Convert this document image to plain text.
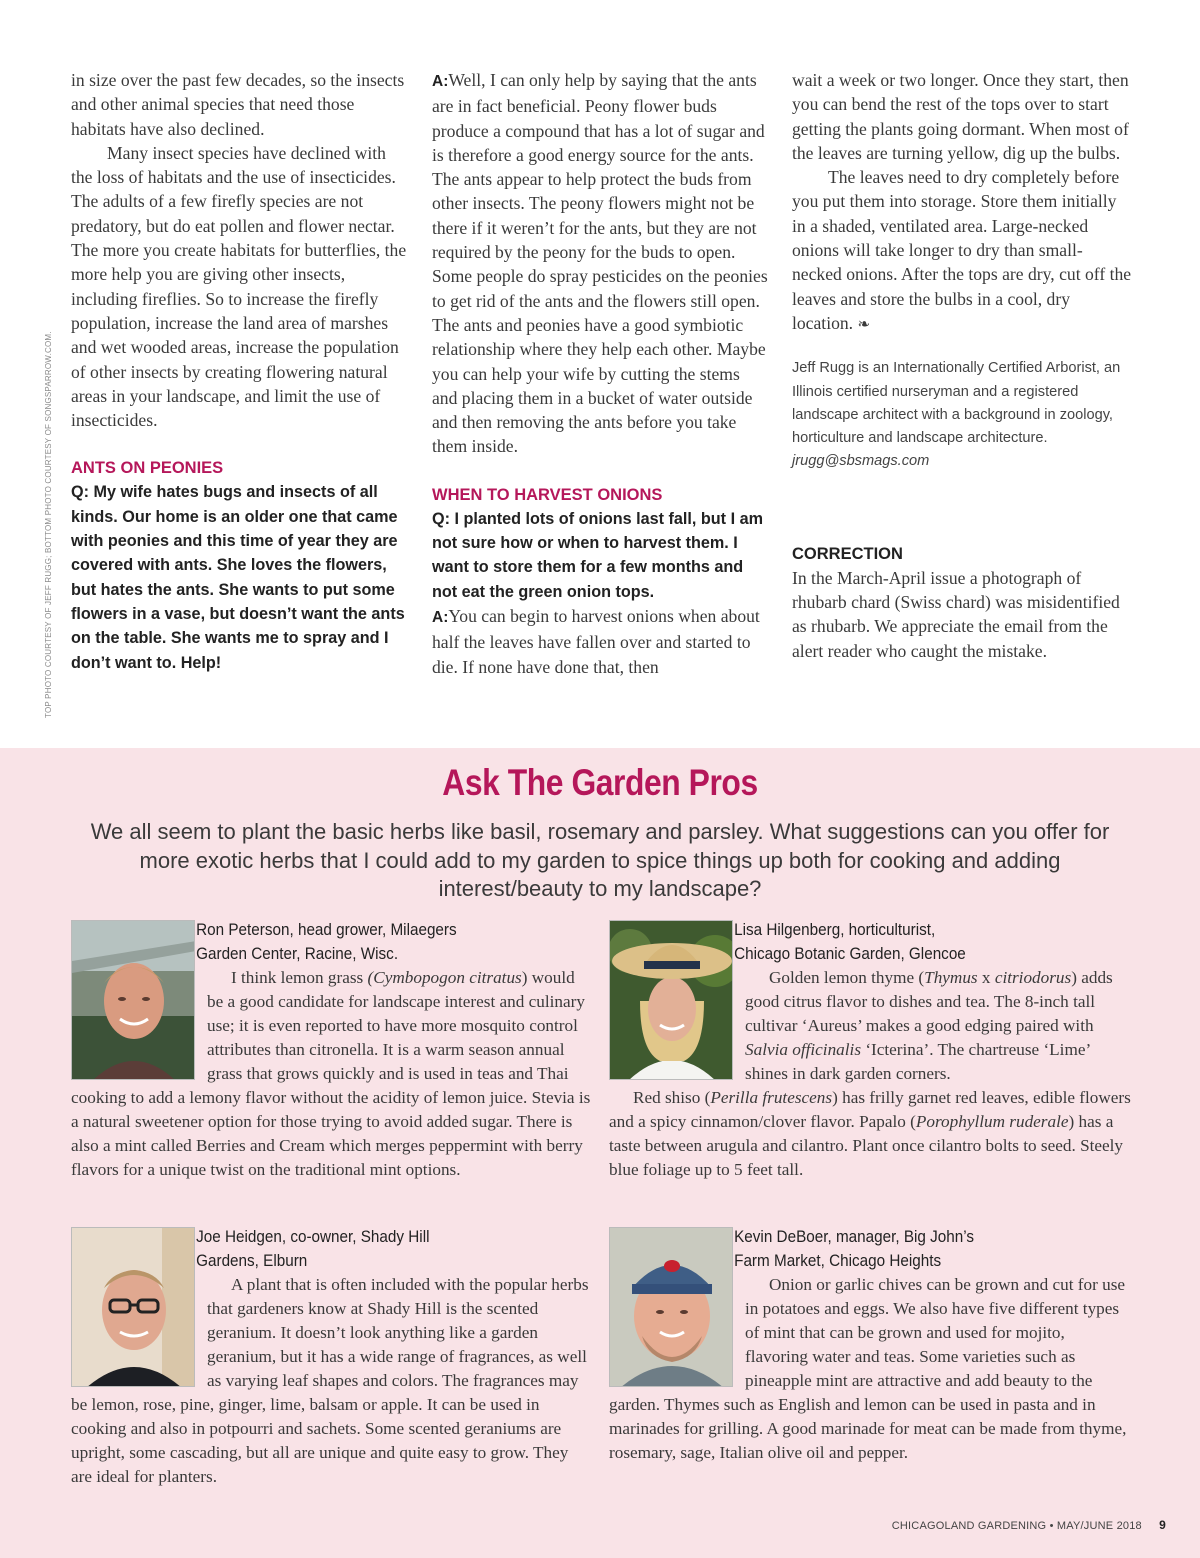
TOP PHOTO COURTESY OF JEFF RUGG; BOTTOM PHOTO COURTESY OF SONGSPARROW.COM.

in size over the past few decades, so the insects and other animal species that need those habitats have also declined.

Many insect species have declined with the loss of habitats and the use of insecticides. The adults of a few firefly species are not predatory, but do eat pollen and flower nectar. The more you create habitats for butterflies, the more help you are giving other insects, including fireflies. So to increase the firefly population, increase the land area of marshes and wet wooded areas, increase the population of other insects by creating flowering natural areas in your landscape, and limit the use of insecticides.

ANTS ON PEONIES

Q: My wife hates bugs and insects of all kinds. Our home is an older one that came with peonies and this time of year they are covered with ants. She loves the flowers, but hates the ants. She wants to put some flowers in a vase, but doesn’t want the ants on the table. She wants me to spray and I don’t want to. Help!

A:Well, I can only help by saying that the ants are in fact beneficial. Peony flower buds produce a compound that has a lot of sugar and is therefore a good energy source for the ants. The ants appear to help protect the buds from other insects. The peony flowers might not be there if it weren’t for the ants, but they are not required by the peony for the buds to open. Some people do spray pesticides on the peonies to get rid of the ants and the flowers still open. The ants and peonies have a good symbiotic relationship where they help each other. Maybe you can help your wife by cutting the stems and placing them in a bucket of water outside and then removing the ants before you take them inside.

WHEN TO HARVEST ONIONS

Q: I planted lots of onions last fall, but I am not sure how or when to harvest them. I want to store them for a few months and not eat the green onion tops.

A:You can begin to harvest onions when about half the leaves have fallen over and started to die. If none have done that, then

wait a week or two longer. Once they start, then you can bend the rest of the tops over to start getting the plants going dormant. When most of the leaves are turning yellow, dig up the bulbs.

The leaves need to dry completely before you put them into storage. Store them initially in a shaded, ventilated area. Large-necked onions will take longer to dry than small-necked onions. After the tops are dry, cut off the leaves and store the bulbs in a cool, dry location. ❧

Jeff Rugg is an Internationally Certified Arborist, an Illinois certified nurseryman and a registered landscape architect with a background in zoology, horticulture and landscape architecture. jrugg@sbsmags.com

CORRECTION

In the March-April issue a photograph of rhubarb chard (Swiss chard) was misidentified as rhubarb. We appreciate the email from the alert reader who caught the mistake.

Ask The Garden Pros
We all seem to plant the basic herbs like basil, rosemary and parsley. What suggestions can you offer for more exotic herbs that I could add to my garden to spice things up both for cooking and adding interest/beauty to my landscape?

Ron Peterson, head grower, Milaegers Garden Center, Racine, Wisc.

I think lemon grass (Cymbopogon citratus) would be a good candidate for landscape interest and culinary use; it is even reported to have more mosquito control attributes than citronella. It is a warm season annual grass that grows quickly and is used in teas and Thai cooking to add a lemony flavor without the acidity of lemon juice. Stevia is a natural sweetener option for those trying to avoid added sugar. There is also a mint called Berries and Cream which merges peppermint with berry flavors for a unique twist on the traditional mint options.

Lisa Hilgenberg, horticulturist, Chicago Botanic Garden, Glencoe

Golden lemon thyme (Thymus x citriodorus) adds good citrus flavor to dishes and tea. The 8-inch tall cultivar ‘Aureus’ makes a good edging paired with Salvia officinalis ‘Icterina’. The chartreuse ‘Lime’ shines in dark garden corners.

Red shiso (Perilla frutescens) has frilly garnet red leaves, edible flowers and a spicy cinnamon/clover flavor. Papalo (Porophyllum ruderale) has a taste between arugula and cilantro. Plant once cilantro bolts to seed. Steely blue foliage up to 5 feet tall.

Joe Heidgen, co-owner, Shady Hill Gardens, Elburn

A plant that is often included with the popular herbs that gardeners know at Shady Hill is the scented geranium. It doesn’t look anything like a garden geranium, but it has a wide range of fragrances, as well as varying leaf shapes and colors. The fragrances may be lemon, rose, pine, ginger, lime, balsam or apple. It can be used in cooking and also in potpourri and sachets. Some scented geraniums are upright, some cascading, but all are unique and quite easy to grow. They are ideal for planters.

Kevin DeBoer, manager, Big John’s Farm Market, Chicago Heights

Onion or garlic chives can be grown and cut for use in potatoes and eggs. We also have five different types of mint that can be grown and used for mojito, flavoring water and teas. Some varieties such as pineapple mint are attractive and add beauty to the garden. Thymes such as English and lemon can be used in pasta and in marinades for grilling. A good marinade for meat can be made from thyme, rosemary, sage, Italian olive oil and pepper.

CHICAGOLAND GARDENING • MAY/JUNE 2018 9
